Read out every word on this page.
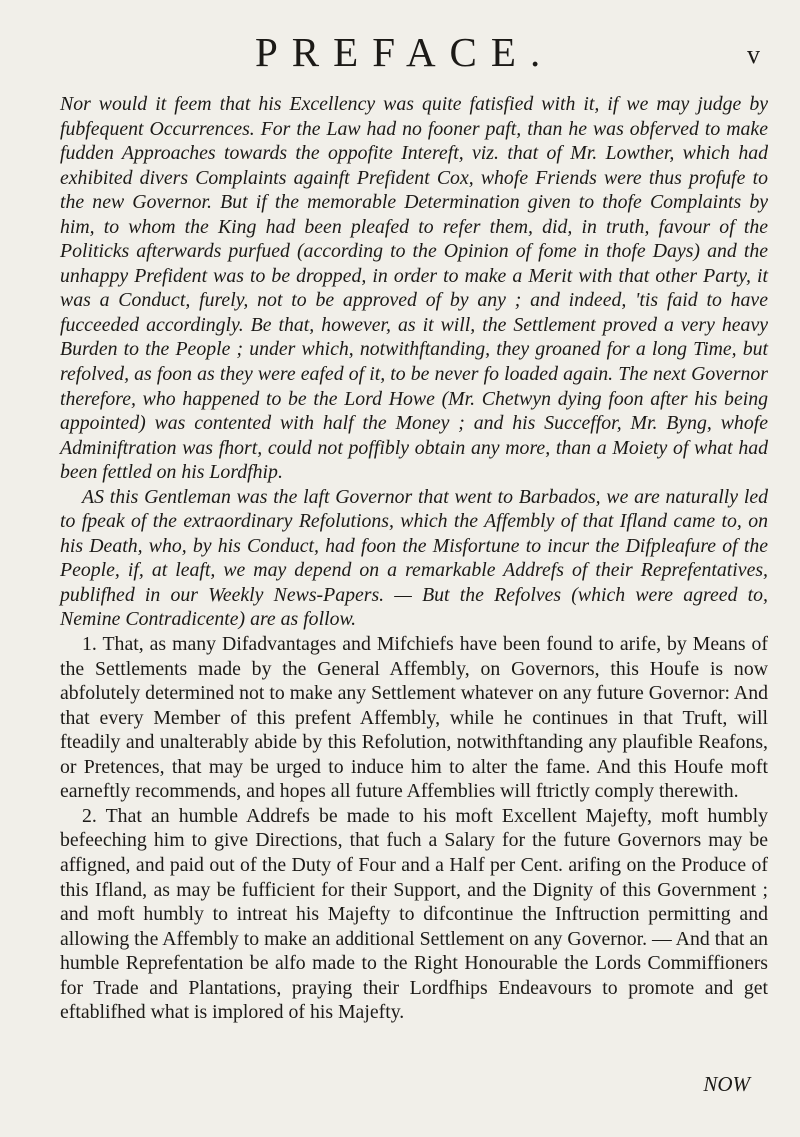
PREFACE.	v

Nor would it feem that his Excellency was quite fatisfied with it, if we may judge by fubfequent Occurrences. For the Law had no fooner paft, than he was obferved to make fudden Approaches towards the oppofite Intereft, viz. that of Mr. Lowther, which had exhibited divers Complaints againft Prefident Cox, whofe Friends were thus profufe to the new Governor. But if the memorable Determination given to thofe Complaints by him, to whom the King had been pleafed to refer them, did, in truth, favour of the Politicks afterwards purfued (according to the Opinion of fome in thofe Days) and the unhappy Prefident was to be dropped, in order to make a Merit with that other Party, it was a Conduct, furely, not to be approved of by any ; and indeed, 'tis faid to have fucceeded accordingly. Be that, however, as it will, the Settlement proved a very heavy Burden to the People ; under which, notwithftanding, they groaned for a long Time, but refolved, as foon as they were eafed of it, to be never fo loaded again. The next Governor therefore, who happened to be the Lord Howe (Mr. Chetwyn dying foon after his being appointed) was contented with half the Money ; and his Succeffor, Mr. Byng, whofe Adminiftration was fhort, could not poffibly obtain any more, than a Moiety of what had been fettled on his Lordfhip.

AS this Gentleman was the laft Governor that went to Barbados, we are naturally led to fpeak of the extraordinary Refolutions, which the Affembly of that Ifland came to, on his Death, who, by his Conduct, had foon the Misfortune to incur the Difpleafure of the People, if, at leaft, we may depend on a remarkable Addrefs of their Reprefentatives, publifhed in our Weekly News-Papers. — But the Refolves (which were agreed to, Nemine Contradicente) are as follow.

1. That, as many Difadvantages and Mifchiefs have been found to arife, by Means of the Settlements made by the General Affembly, on Governors, this Houfe is now abfolutely determined not to make any Settlement whatever on any future Governor: And that every Member of this prefent Affembly, while he continues in that Truft, will fteadily and unalterably abide by this Refolution, notwithftanding any plaufible Reafons, or Pretences, that may be urged to induce him to alter the fame. And this Houfe moft earneftly recommends, and hopes all future Affemblies will ftrictly comply therewith.

2. That an humble Addrefs be made to his moft Excellent Majefty, moft humbly befeeching him to give Directions, that fuch a Salary for the future Governors may be affigned, and paid out of the Duty of Four and a Half per Cent. arifing on the Produce of this Ifland, as may be fufficient for their Support, and the Dignity of this Government ; and moft humbly to intreat his Majefty to difcontinue the Inftruction permitting and allowing the Affembly to make an additional Settlement on any Governor. — And that an humble Reprefentation be alfo made to the Right Honourable the Lords Commiffioners for Trade and Plantations, praying their Lordfhips Endeavours to promote and get eftablifhed what is implored of his Majefty.

NOW
